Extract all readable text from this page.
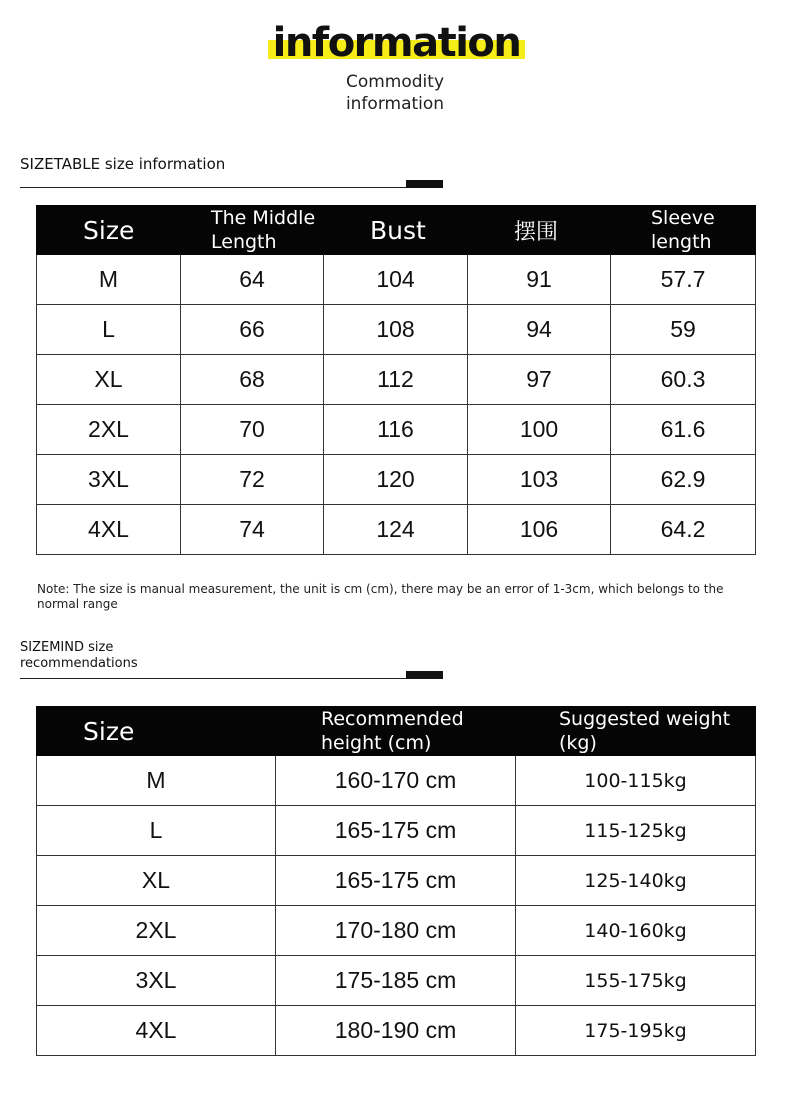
information
Commodity
information
SIZETABLE size information
Size	The Middle Length	Bust	摆围	Sleeve length
M	64	104	91	57.7
L	66	108	94	59
XL	68	112	97	60.3
2XL	70	116	100	61.6
3XL	72	120	103	62.9
4XL	74	124	106	64.2
Note: The size is manual measurement, the unit is cm (cm), there may be an error of 1-3cm, which belongs to the normal range
SIZEMIND size recommendations
Size	Recommended height (cm)	Suggested weight (kg)
M	160-170 cm	100-115kg
L	165-175 cm	115-125kg
XL	165-175 cm	125-140kg
2XL	170-180 cm	140-160kg
3XL	175-185 cm	155-175kg
4XL	180-190 cm	175-195kg
